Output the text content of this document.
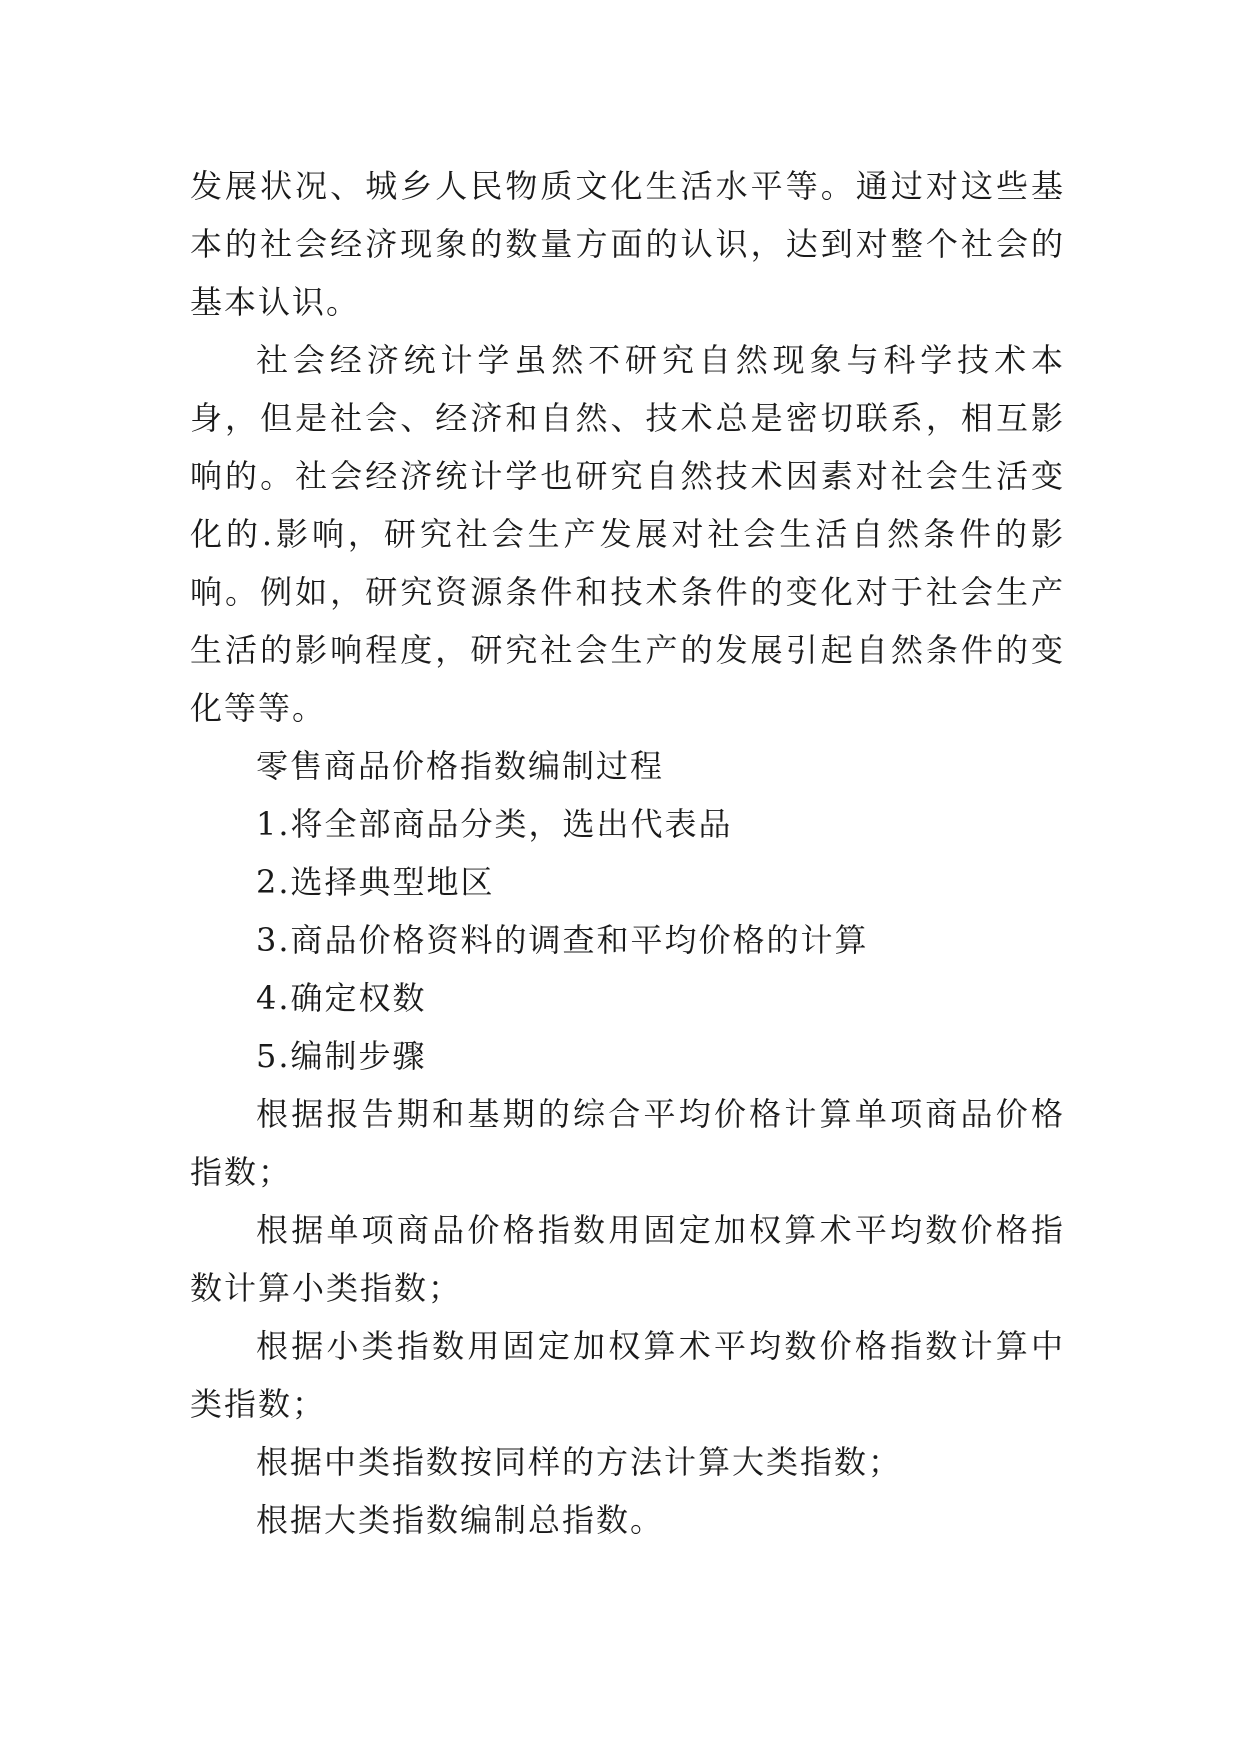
发展状况、城乡人民物质文化生活水平等。通过对这些基本的社会经济现象的数量方面的认识，达到对整个社会的基本认识。

社会经济统计学虽然不研究自然现象与科学技术本身，但是社会、经济和自然、技术总是密切联系，相互影响的。社会经济统计学也研究自然技术因素对社会生活变化的.影响，研究社会生产发展对社会生活自然条件的影响。例如，研究资源条件和技术条件的变化对于社会生产生活的影响程度，研究社会生产的发展引起自然条件的变化等等。

零售商品价格指数编制过程

1.将全部商品分类，选出代表品

2.选择典型地区

3.商品价格资料的调查和平均价格的计算

4.确定权数

5.编制步骤

根据报告期和基期的综合平均价格计算单项商品价格指数；

根据单项商品价格指数用固定加权算术平均数价格指数计算小类指数；

根据小类指数用固定加权算术平均数价格指数计算中类指数；

根据中类指数按同样的方法计算大类指数；

根据大类指数编制总指数。
